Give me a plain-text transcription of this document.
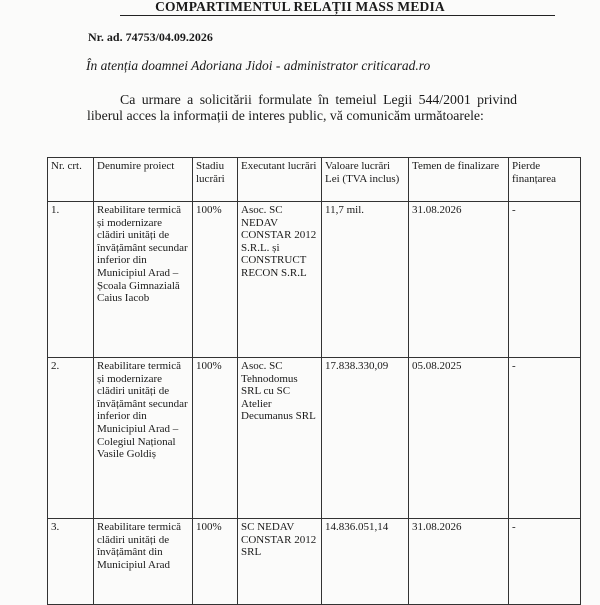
COMPARTIMENTUL RELAȚII MASS MEDIA
Nr. ad. 74753/04.09.2026
În atenția doamnei Adoriana Jidoi - administrator criticarad.ro
Ca urmare a solicitării formulate în temeiul Legii 544/2001 privind liberul acces la informații de interes public, vă comunicăm următoarele:
Nr. crt.	Denumire proiect	Stadiu lucrări	Executant lucrări	Valoare lucrări Lei (TVA inclus)	Temen de finalizare	Pierde finanțarea
1.	Reabilitare termică și modernizare clădiri unități de învățământ secundar inferior din Municipiul Arad – Școala Gimnazială Caius Iacob	100%	Asoc. SC NEDAV CONSTAR 2012 S.R.L. și CONSTRUCT RECON S.R.L	11,7 mil.	31.08.2026	-
2.	Reabilitare termică și modernizare clădiri unități de învățământ secundar inferior din Municipiul Arad – Colegiul Național Vasile Goldiș	100%	Asoc. SC Tehnodomus SRL cu SC Atelier Decumanus SRL	17.838.330,09	05.08.2025	-
3.	Reabilitare termică clădiri unități de învățământ din Municipiul Arad	100%	SC NEDAV CONSTAR 2012 SRL	14.836.051,14	31.08.2026	-
